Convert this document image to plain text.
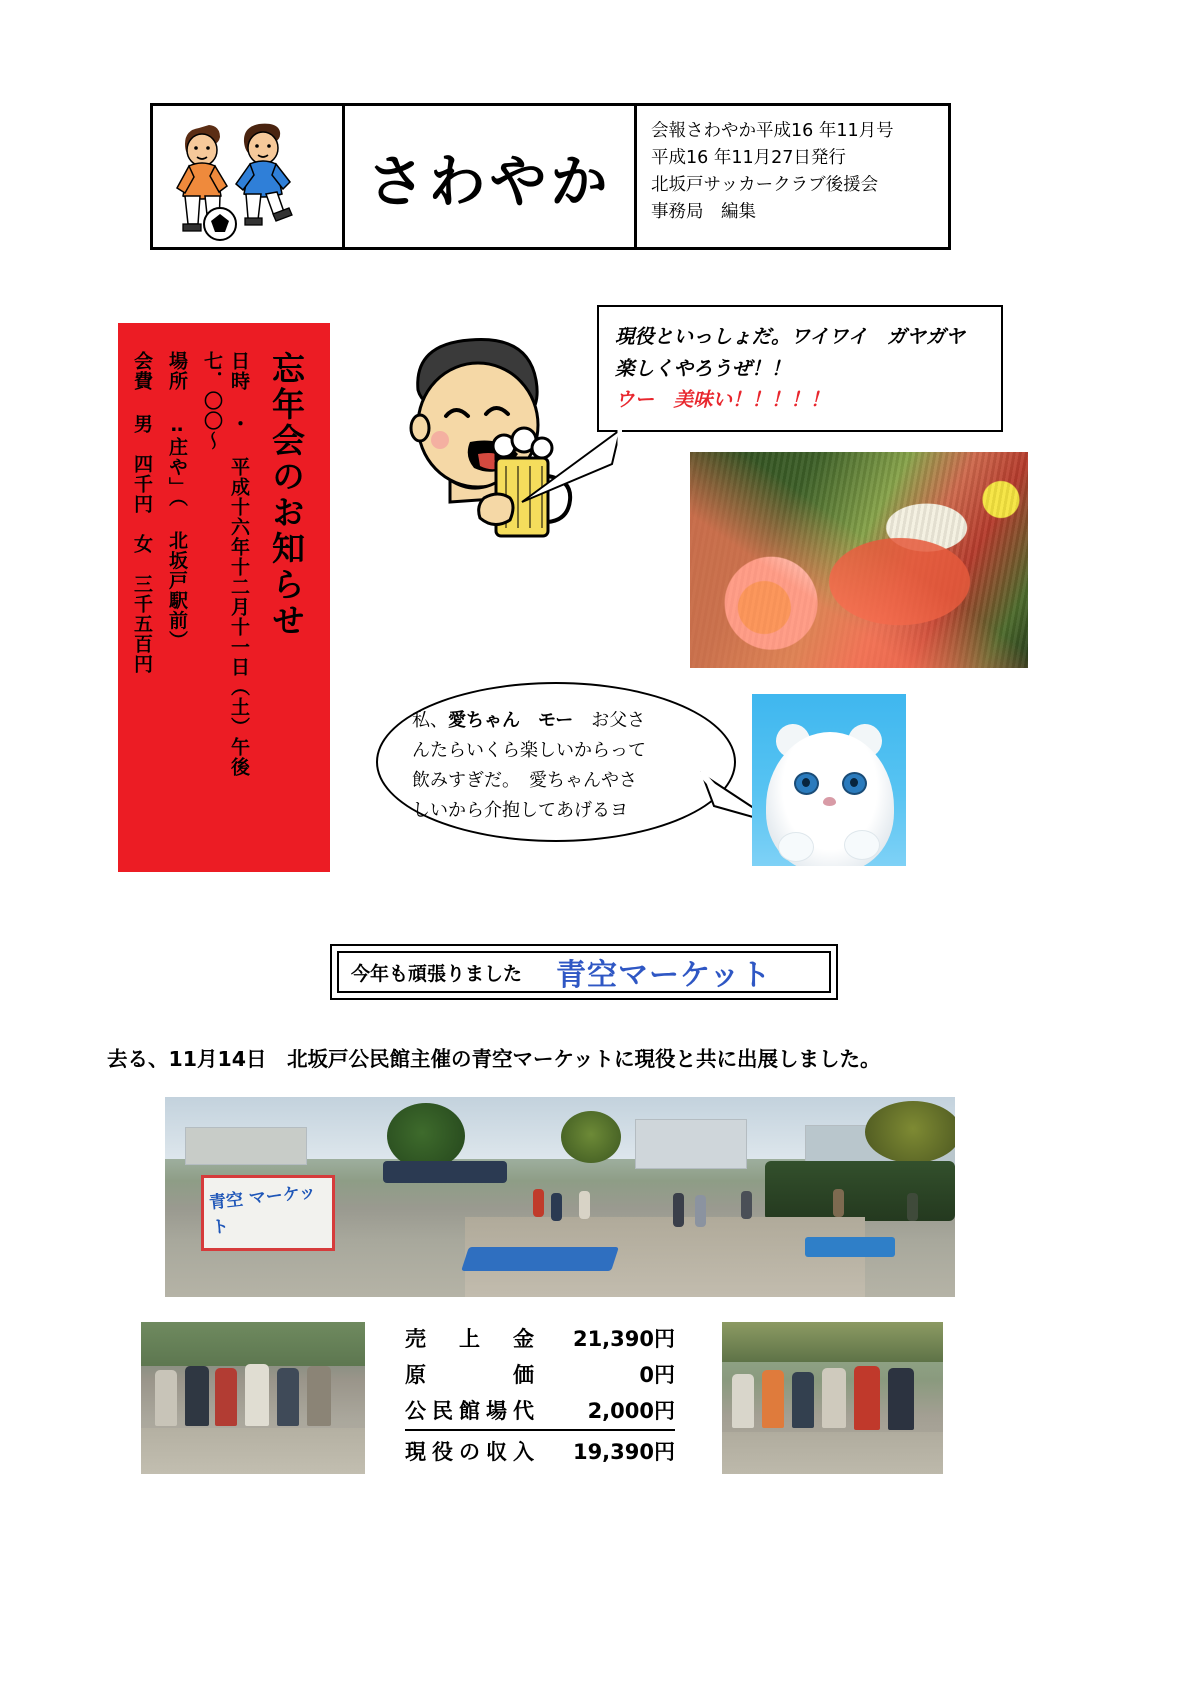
さわやか
会報さわやか平成16 年11月号
平成16 年11月27日発行
北坂戸サッカークラブ後援会
事務局　編集
忘年会のお知らせ
日時 ･ 平成十六年十二月十一日（土）午後七．〇〇〜
場所 ‥庄や」（ 北坂戸駅前）
会費 男　四千円　女　三千五百円
現役といっしょだ。ワイワイ　ガヤガヤ
楽しくやろうぜ！！
ウー　美味い！！！！！
私、愛ちゃん　モー　お父さ
んたらいくら楽しいからって
飲みすぎだ。　愛ちゃんやさ
しいから介抱してあげるヨ
今年も頑張りました 青空マーケット
去る、11月14日　北坂戸公民館主催の青空マーケットに現役と共に出展しました。
青空 マーケット
売　上　金	21,390円
原　　　価	0円
公民館場代	2,000円
現役の収入	19,390円
